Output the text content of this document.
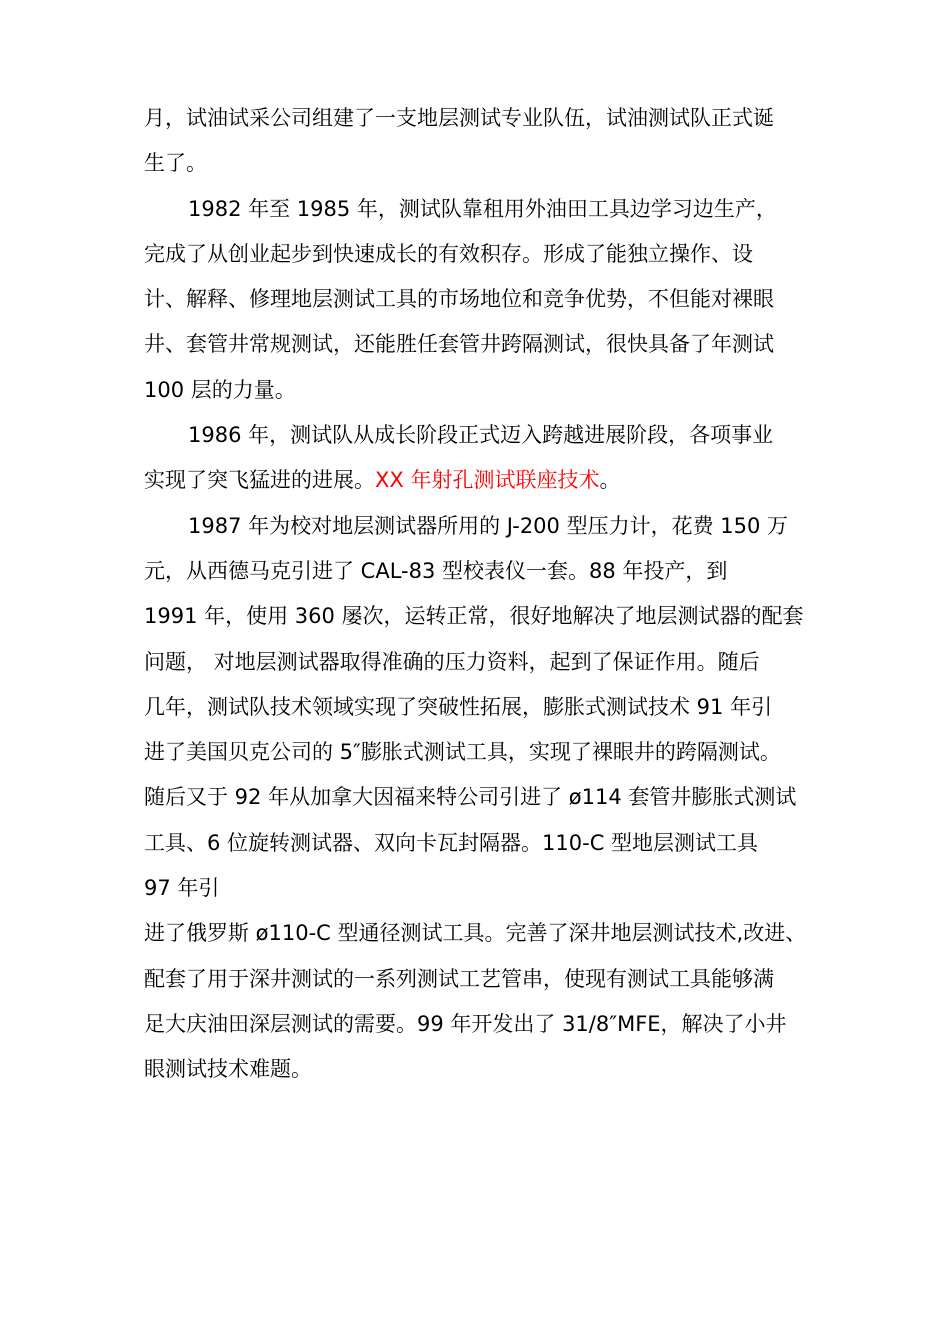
月，试油试采公司组建了一支地层测试专业队伍，试油测试队正式诞
生了。
1982 年至 1985 年，测试队靠租用外油田工具边学习边生产，
完成了从创业起步到快速成长的有效积存。形成了能独立操作、设
计、解释、修理地层测试工具的市场地位和竞争优势，不但能对裸眼
井、套管井常规测试，还能胜任套管井跨隔测试，很快具备了年测试
100 层的力量。
1986 年，测试队从成长阶段正式迈入跨越进展阶段，各项事业
实现了突飞猛进的进展。XX 年射孔测试联座技术。
1987 年为校对地层测试器所用的 J-200 型压力计，花费 150 万
元，从西德马克引进了 CAL-83 型校表仪一套。88 年投产，到
1991 年，使用 360 屡次，运转正常，很好地解决了地层测试器的配套
问题， 对地层测试器取得准确的压力资料，起到了保证作用。随后
几年，测试队技术领域实现了突破性拓展，膨胀式测试技术 91 年引
进了美国贝克公司的 5″膨胀式测试工具，实现了裸眼井的跨隔测试。
随后又于 92 年从加拿大因福来特公司引进了 ø114 套管井膨胀式测试
工具、6 位旋转测试器、双向卡瓦封隔器。110-C 型地层测试工具
97 年引
进了俄罗斯 ø110-C 型通径测试工具。完善了深井地层测试技术,改进、
配套了用于深井测试的一系列测试工艺管串，使现有测试工具能够满
足大庆油田深层测试的需要。99 年开发出了 31/8″MFE，解决了小井
眼测试技术难题。
